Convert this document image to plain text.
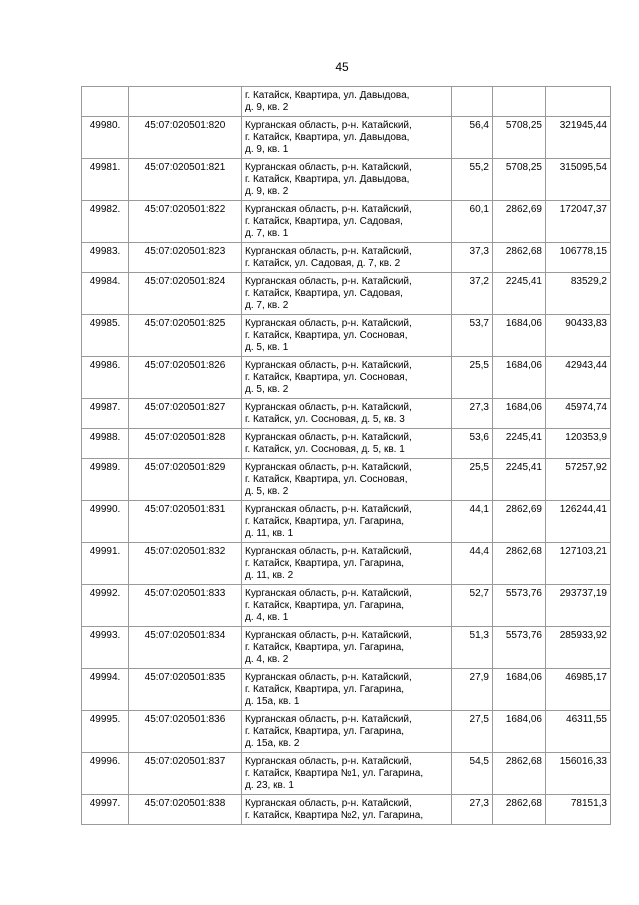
45
		г. Катайск, Квартира, ул. Давыдова,
д. 9, кв. 2			
49980.	45:07:020501:820	Курганская область, р-н. Катайский,
г. Катайск, Квартира, ул. Давыдова,
д. 9, кв. 1	56,4	5708,25	321945,44
49981.	45:07:020501:821	Курганская область, р-н. Катайский,
г. Катайск, Квартира, ул. Давыдова,
д. 9, кв. 2	55,2	5708,25	315095,54
49982.	45:07:020501:822	Курганская область, р-н. Катайский,
г. Катайск, Квартира, ул. Садовая,
д. 7, кв. 1	60,1	2862,69	172047,37
49983.	45:07:020501:823	Курганская область, р-н. Катайский,
г. Катайск, ул. Садовая, д. 7, кв. 2	37,3	2862,68	106778,15
49984.	45:07:020501:824	Курганская область, р-н. Катайский,
г. Катайск, Квартира, ул. Садовая,
д. 7, кв. 2	37,2	2245,41	83529,2
49985.	45:07:020501:825	Курганская область, р-н. Катайский,
г. Катайск, Квартира, ул. Сосновая,
д. 5, кв. 1	53,7	1684,06	90433,83
49986.	45:07:020501:826	Курганская область, р-н. Катайский,
г. Катайск, Квартира, ул. Сосновая,
д. 5, кв. 2	25,5	1684,06	42943,44
49987.	45:07:020501:827	Курганская область, р-н. Катайский,
г. Катайск, ул. Сосновая, д. 5, кв. 3	27,3	1684,06	45974,74
49988.	45:07:020501:828	Курганская область, р-н. Катайский,
г. Катайск, ул. Сосновая, д. 5, кв. 1	53,6	2245,41	120353,9
49989.	45:07:020501:829	Курганская область, р-н. Катайский,
г. Катайск, Квартира, ул. Сосновая,
д. 5, кв. 2	25,5	2245,41	57257,92
49990.	45:07:020501:831	Курганская область, р-н. Катайский,
г. Катайск, Квартира, ул. Гагарина,
д. 11, кв. 1	44,1	2862,69	126244,41
49991.	45:07:020501:832	Курганская область, р-н. Катайский,
г. Катайск, Квартира, ул. Гагарина,
д. 11, кв. 2	44,4	2862,68	127103,21
49992.	45:07:020501:833	Курганская область, р-н. Катайский,
г. Катайск, Квартира, ул. Гагарина,
д. 4, кв. 1	52,7	5573,76	293737,19
49993.	45:07:020501:834	Курганская область, р-н. Катайский,
г. Катайск, Квартира, ул. Гагарина,
д. 4, кв. 2	51,3	5573,76	285933,92
49994.	45:07:020501:835	Курганская область, р-н. Катайский,
г. Катайск, Квартира, ул. Гагарина,
д. 15а, кв. 1	27,9	1684,06	46985,17
49995.	45:07:020501:836	Курганская область, р-н. Катайский,
г. Катайск, Квартира, ул. Гагарина,
д. 15а, кв. 2	27,5	1684,06	46311,55
49996.	45:07:020501:837	Курганская область, р-н. Катайский,
г. Катайск, Квартира №1, ул. Гагарина,
д. 23, кв. 1	54,5	2862,68	156016,33
49997.	45:07:020501:838	Курганская область, р-н. Катайский,
г. Катайск, Квартира №2, ул. Гагарина,	27,3	2862,68	78151,3
